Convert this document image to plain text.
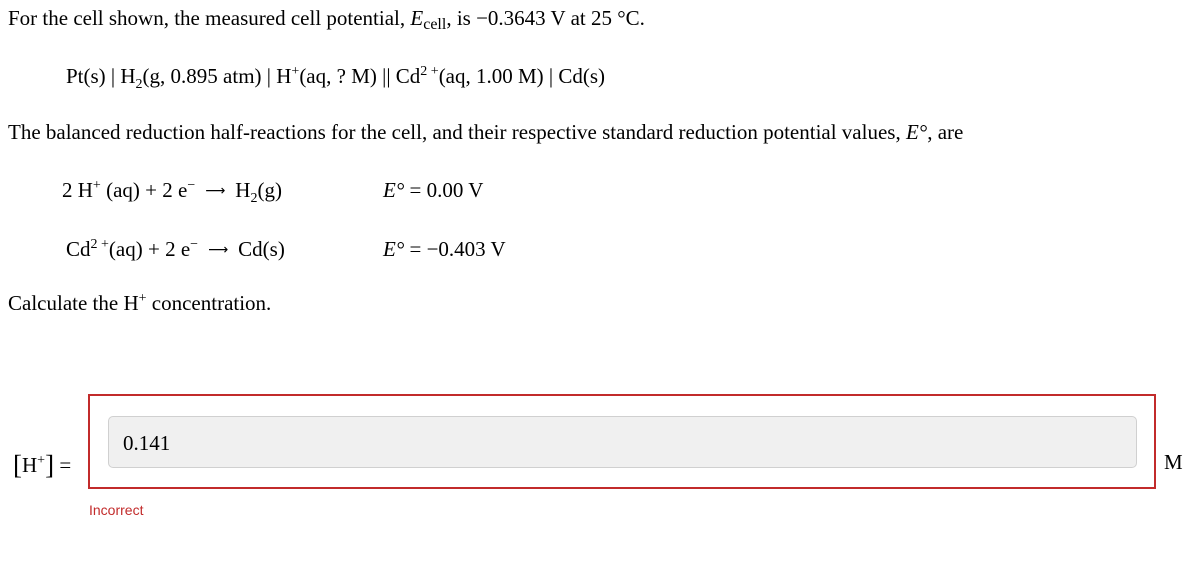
For the cell shown, the measured cell potential, Ecell, is −0.3643 V at 25 °C.
Pt(s) | $H_2(g$, 0.895 atm) | H+(aq, ? M) || $Cd^{2 +}(aq$, 1.00 M) | Cd(s)
The balanced reduction half-reactions for the cell, and their respective standard reduction potential values, E°, are
2 H+ (aq) + 2 e− ⟶ $H_2(g)$	E° = 0.00 V
$Cd^{2 +}(aq) + 2$ e− ⟶ Cd(s)	E° = −0.403 V
Calculate the H+ concentration.
[H+] =
0.141
M
Incorrect
